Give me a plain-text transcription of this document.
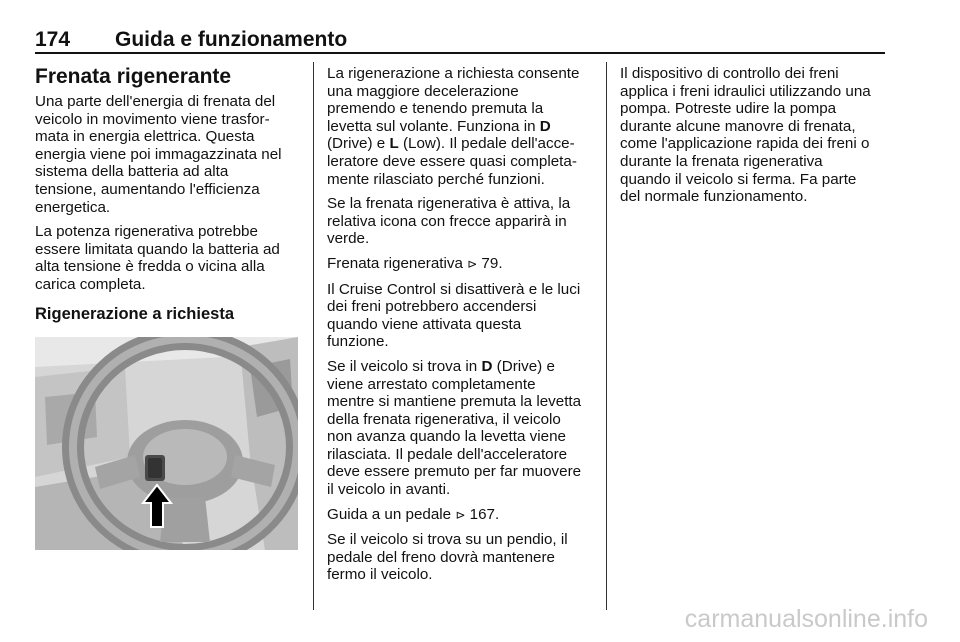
174 Guida e funzionamento
Frenata rigenerante

Una parte dell'energia di frenata del
veicolo in movimento viene trasfor-
mata in energia elettrica. Questa
energia viene poi immagazzinata nel
sistema della batteria ad alta
tensione, aumentando l'efficienza
energetica.

La potenza rigenerativa potrebbe
essere limitata quando la batteria ad
alta tensione è fredda o vicina alla
carica completa.

Rigenerazione a richiesta

La rigenerazione a richiesta consente
una maggiore decelerazione
premendo e tenendo premuta la
levetta sul volante. Funziona in D
(Drive) e L (Low). Il pedale dell'acce-
leratore deve essere quasi completa-
mente rilasciato perché funzioni.

Se la frenata rigenerativa è attiva, la
relativa icona con frecce apparirà in
verde.

Frenata rigenerativa ⊳ 79.

Il Cruise Control si disattiverà e le luci
dei freni potrebbero accendersi
quando viene attivata questa
funzione.

Se il veicolo si trova in D (Drive) e
viene arrestato completamente
mentre si mantiene premuta la levetta
della frenata rigenerativa, il veicolo
non avanza quando la levetta viene
rilasciata. Il pedale dell'acceleratore
deve essere premuto per far muovere
il veicolo in avanti.

Guida a un pedale ⊳ 167.

Se il veicolo si trova su un pendio, il
pedale del freno dovrà mantenere
fermo il veicolo.

Il dispositivo di controllo dei freni
applica i freni idraulici utilizzando una
pompa. Potreste udire la pompa
durante alcune manovre di frenata,
come l'applicazione rapida dei freni o
durante la frenata rigenerativa
quando il veicolo si ferma. Fa parte
del normale funzionamento.

carmanualsonline.info
